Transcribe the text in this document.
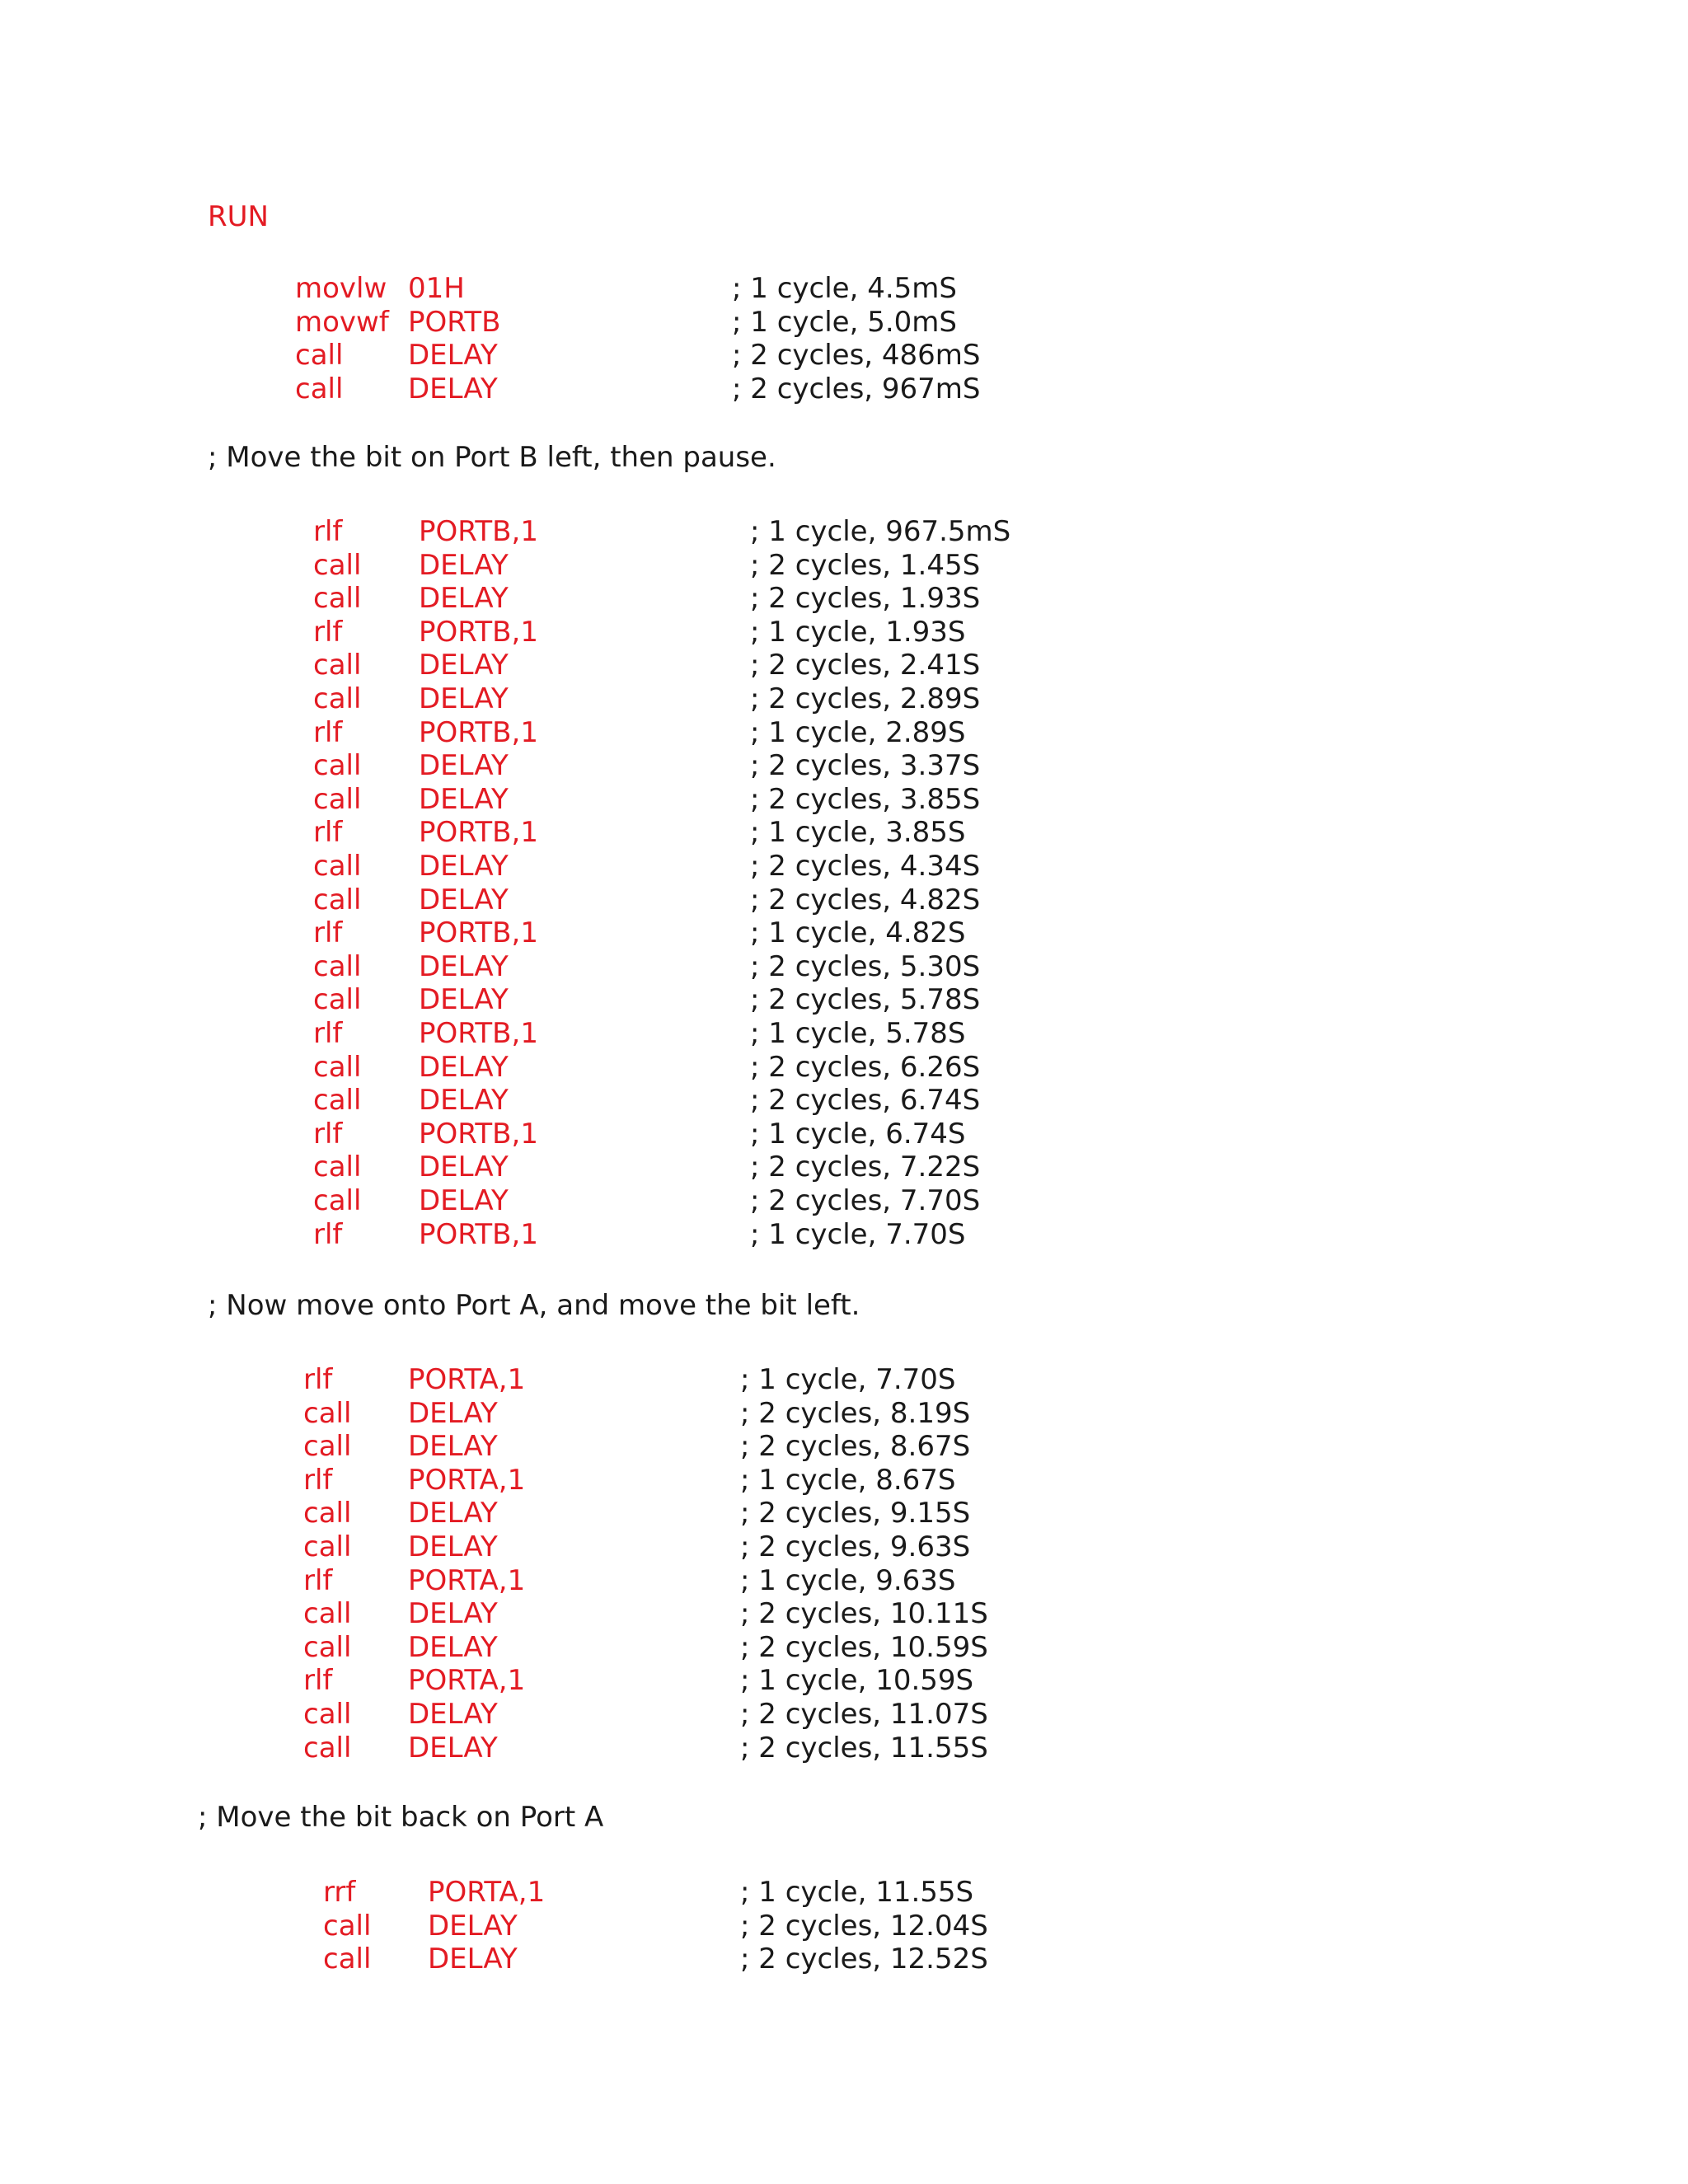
RUN
movlw 01H	; 1 cycle, 4.5mS
movwf PORTB	; 1 cycle, 5.0mS
call DELAY	; 2 cycles, 486mS
call DELAY	; 2 cycles, 967mS
; Move the bit on Port B left, then pause.
rlf	PORTB,1	; 1 cycle, 967.5mS
call DELAY	; 2 cycles, 1.45S
call DELAY	; 2 cycles, 1.93S
rlf	PORTB,1	; 1 cycle, 1.93S
call DELAY	; 2 cycles, 2.41S
call DELAY	; 2 cycles, 2.89S
rlf	PORTB,1	; 1 cycle, 2.89S
call DELAY	; 2 cycles, 3.37S
call DELAY	; 2 cycles, 3.85S
rlf	PORTB,1	; 1 cycle, 3.85S
call DELAY	; 2 cycles, 4.34S
call DELAY	; 2 cycles, 4.82S
rlf	PORTB,1	; 1 cycle, 4.82S
call DELAY	; 2 cycles, 5.30S
call DELAY	; 2 cycles, 5.78S
rlf	PORTB,1	; 1 cycle, 5.78S
call DELAY	; 2 cycles, 6.26S
call DELAY	; 2 cycles, 6.74S
rlf	PORTB,1	; 1 cycle, 6.74S
call DELAY	; 2 cycles, 7.22S
call DELAY	; 2 cycles, 7.70S
rlf	PORTB,1	; 1 cycle, 7.70S
; Now move onto Port A, and move the bit left.
rlf	PORTA,1	; 1 cycle, 7.70S
call DELAY	; 2 cycles, 8.19S
call DELAY	; 2 cycles, 8.67S
rlf	PORTA,1	; 1 cycle, 8.67S
call DELAY	; 2 cycles, 9.15S
call DELAY	; 2 cycles, 9.63S
rlf	PORTA,1	; 1 cycle, 9.63S
call DELAY	; 2 cycles, 10.11S
call DELAY	; 2 cycles, 10.59S
rlf	PORTA,1	; 1 cycle, 10.59S
call DELAY	; 2 cycles, 11.07S
call DELAY	; 2 cycles, 11.55S
; Move the bit back on Port A
rrf	PORTA,1	; 1 cycle, 11.55S
call DELAY	; 2 cycles, 12.04S
call DELAY	; 2 cycles, 12.52S
